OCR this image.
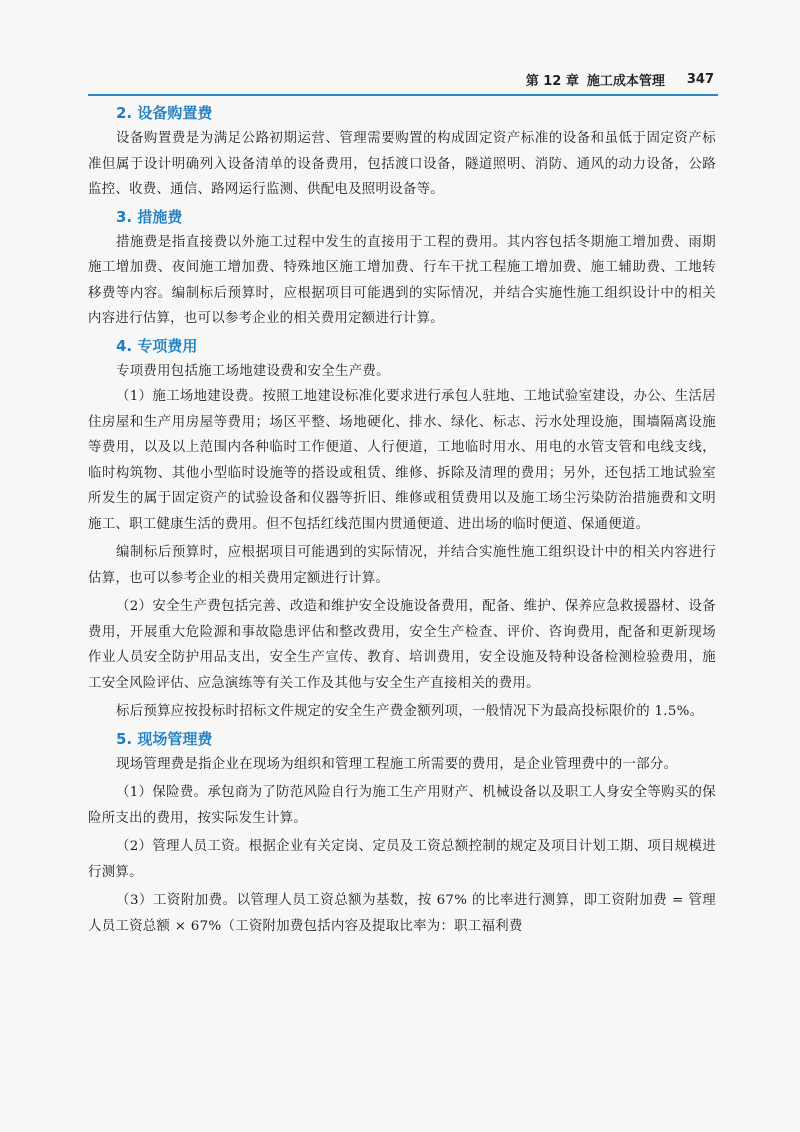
第 12 章 施工成本管理 347
2. 设备购置费

设备购置费是为满足公路初期运营、管理需要购置的构成固定资产标准的设备和虽低于固定资产标准但属于设计明确列入设备清单的设备费用，包括渡口设备，隧道照明、消防、通风的动力设备，公路监控、收费、通信、路网运行监测、供配电及照明设备等。

3. 措施费

措施费是指直接费以外施工过程中发生的直接用于工程的费用。其内容包括冬期施工增加费、雨期施工增加费、夜间施工增加费、特殊地区施工增加费、行车干扰工程施工增加费、施工辅助费、工地转移费等内容。编制标后预算时，应根据项目可能遇到的实际情况，并结合实施性施工组织设计中的相关内容进行估算，也可以参考企业的相关费用定额进行计算。

4. 专项费用

专项费用包括施工场地建设费和安全生产费。

（1）施工场地建设费。按照工地建设标准化要求进行承包人驻地、工地试验室建设，办公、生活居住房屋和生产用房屋等费用；场区平整、场地硬化、排水、绿化、标志、污水处理设施，围墙隔离设施等费用，以及以上范围内各种临时工作便道、人行便道，工地临时用水、用电的水管支管和电线支线，临时构筑物、其他小型临时设施等的搭设或租赁、维修、拆除及清理的费用；另外，还包括工地试验室所发生的属于固定资产的试验设备和仪器等折旧、维修或租赁费用以及施工场尘污染防治措施费和文明施工、职工健康生活的费用。但不包括红线范围内贯通便道、进出场的临时便道、保通便道。

编制标后预算时，应根据项目可能遇到的实际情况，并结合实施性施工组织设计中的相关内容进行估算，也可以参考企业的相关费用定额进行计算。

（2）安全生产费包括完善、改造和维护安全设施设备费用，配备、维护、保养应急救援器材、设备费用，开展重大危险源和事故隐患评估和整改费用，安全生产检查、评价、咨询费用，配备和更新现场作业人员安全防护用品支出，安全生产宣传、教育、培训费用，安全设施及特种设备检测检验费用，施工安全风险评估、应急演练等有关工作及其他与安全生产直接相关的费用。

标后预算应按投标时招标文件规定的安全生产费金额列项，一般情况下为最高投标限价的 1.5%。

5. 现场管理费

现场管理费是指企业在现场为组织和管理工程施工所需要的费用，是企业管理费中的一部分。

（1）保险费。承包商为了防范风险自行为施工生产用财产、机械设备以及职工人身安全等购买的保险所支出的费用，按实际发生计算。

（2）管理人员工资。根据企业有关定岗、定员及工资总额控制的规定及项目计划工期、项目规模进行测算。

（3）工资附加费。以管理人员工资总额为基数，按 67% 的比率进行测算，即工资附加费 = 管理人员工资总额 × 67%（工资附加费包括内容及提取比率为：职工福利费
